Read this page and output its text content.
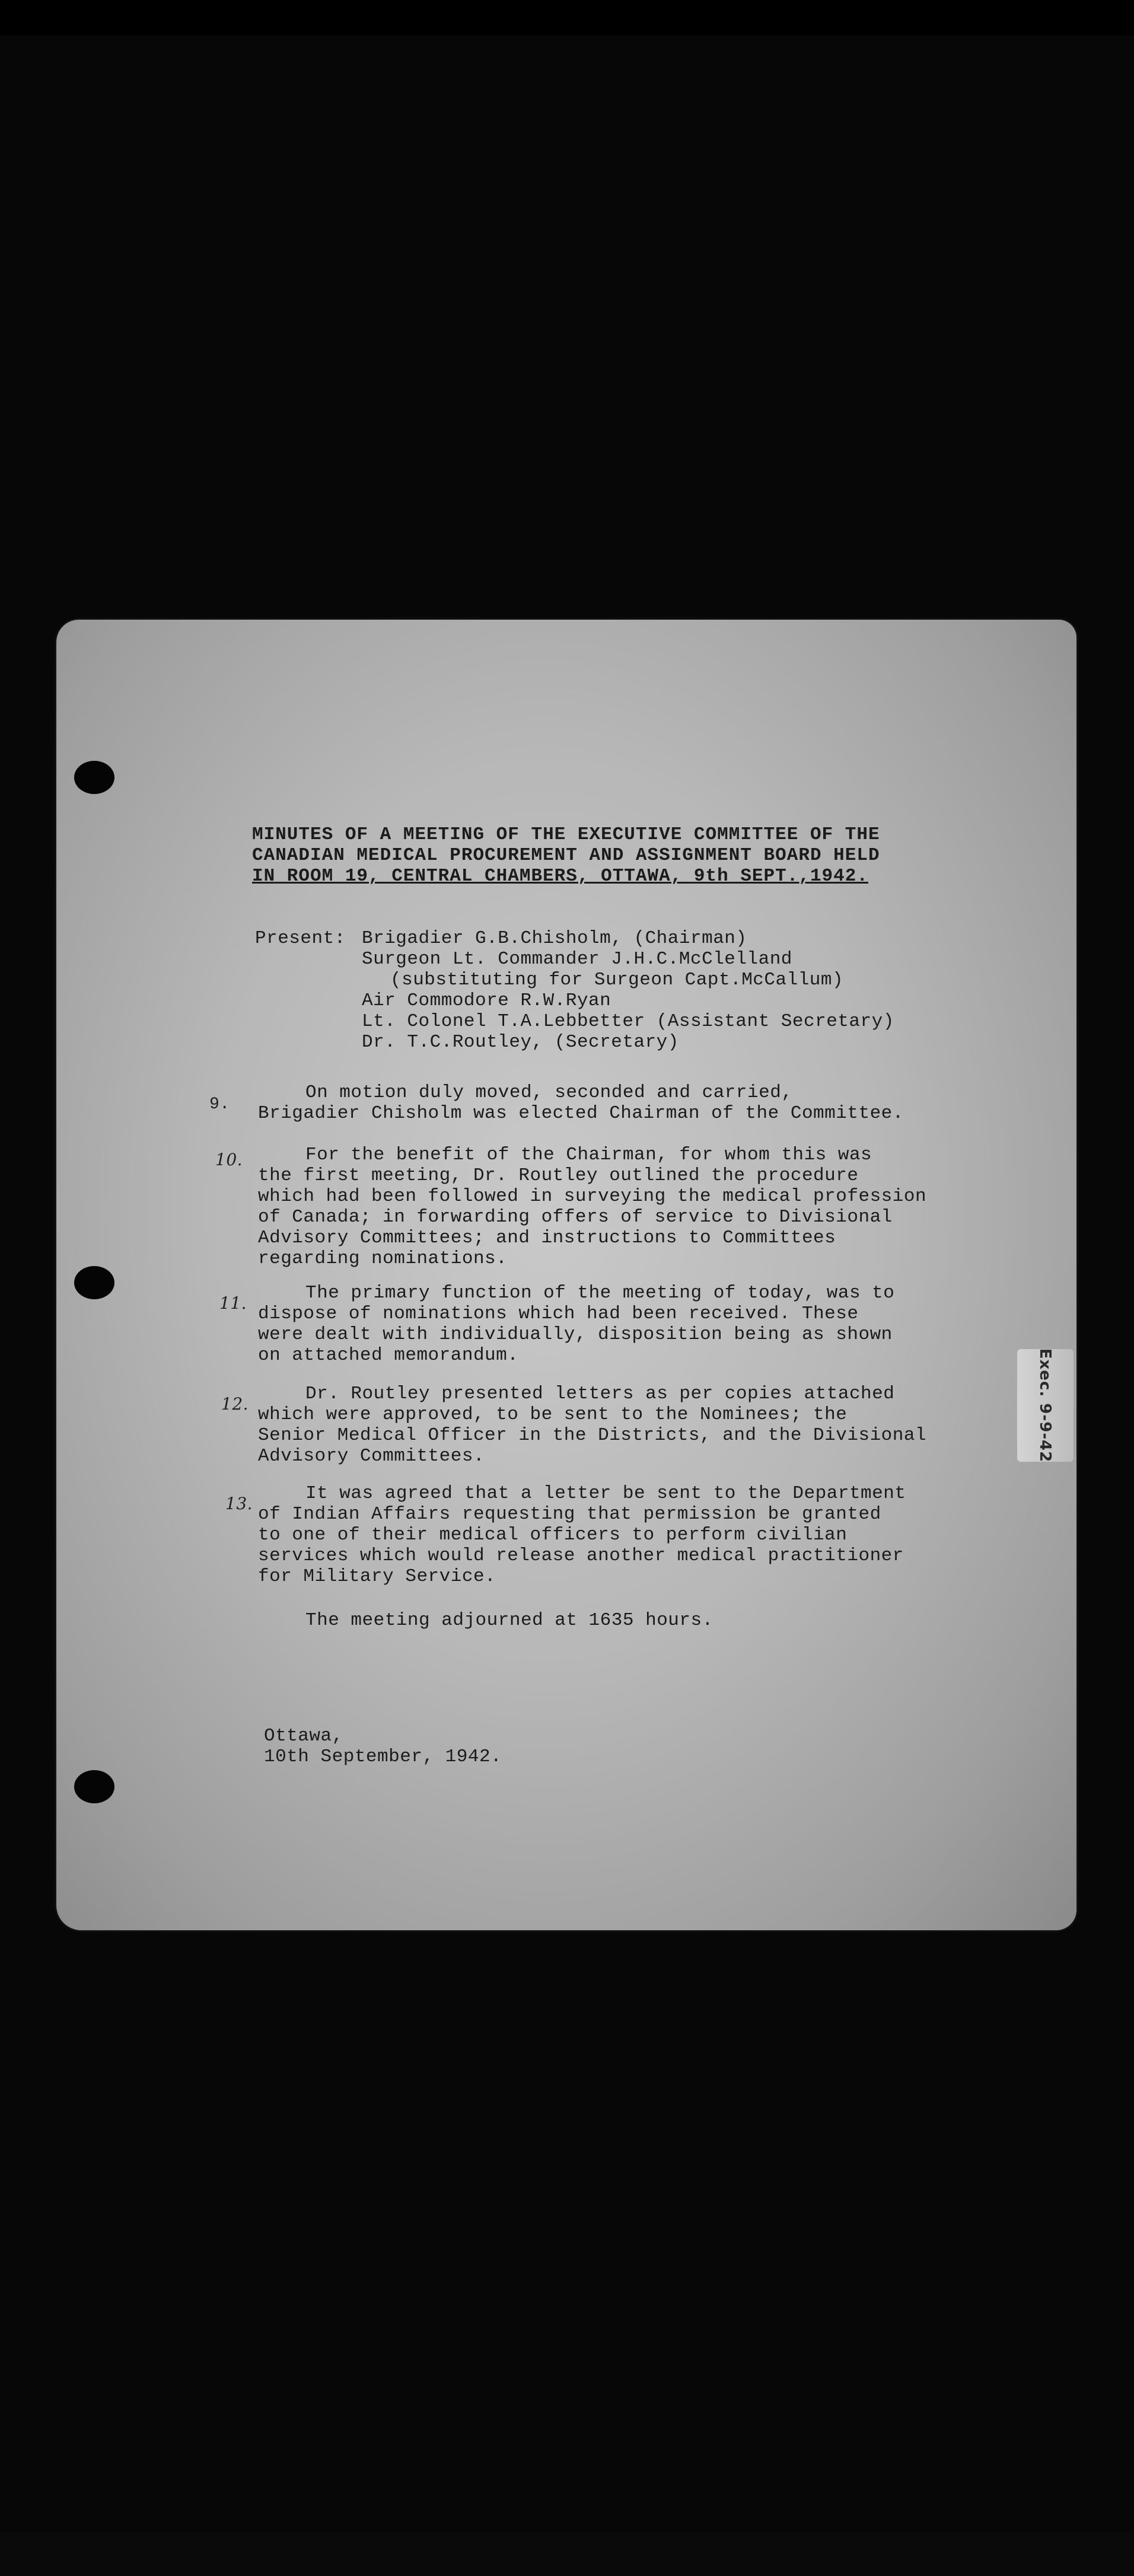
Exec. 9-9-42
MINUTES OF A MEETING OF THE EXECUTIVE COMMITTEE OF THE
CANADIAN MEDICAL PROCUREMENT AND ASSIGNMENT BOARD HELD
IN ROOM 19, CENTRAL CHAMBERS, OTTAWA, 9th SEPT.,1942.
Present: Brigadier G.B.Chisholm, (Chairman)
Surgeon Lt. Commander J.H.C.McClelland
(substituting for Surgeon Capt.McCallum)
Air Commodore R.W.Ryan
Lt. Colonel T.A.Lebbetter (Assistant Secretary)
Dr. T.C.Routley, (Secretary)
9.
On motion duly moved, seconded and carried,
Brigadier Chisholm was elected Chairman of the Committee.
10.	For the benefit of the Chairman, for whom this was
the first meeting, Dr. Routley outlined the procedure
which had been followed in surveying the medical profession
of Canada; in forwarding offers of service to Divisional
Advisory Committees; and instructions to Committees
regarding nominations.
11.	The primary function of the meeting of today, was to
dispose of nominations which had been received. These
were dealt with individually, disposition being as shown
on attached memorandum.
12.	Dr. Routley presented letters as per copies attached
which were approved, to be sent to the Nominees; the
Senior Medical Officer in the Districts, and the Divisional
Advisory Committees.
13.	It was agreed that a letter be sent to the Department
of Indian Affairs requesting that permission be granted
to one of their medical officers to perform civilian
services which would release another medical practitioner
for Military Service.
The meeting adjourned at 1635 hours.
Ottawa,
10th September, 1942.
